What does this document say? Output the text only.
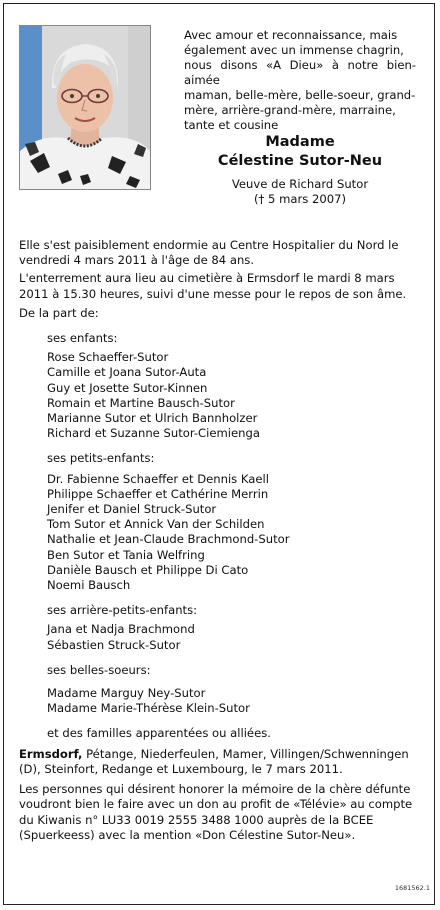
Avec amour et reconnaissance, mais
également avec un immense chagrin,
nous disons «A Dieu» à notre bien-aimée
maman, belle-mère, belle-soeur, grand-
mère, arrière-grand-mère, marraine,
tante et cousine
Madame
Célestine Sutor-Neu
Veuve de Richard Sutor
(† 5 mars 2007)
Elle s'est paisiblement endormie au Centre Hospitalier du Nord le
vendredi 4 mars 2011 à l'âge de 84 ans.
L'enterrement aura lieu au cimetière à Ermsdorf le mardi 8 mars
2011 à 15.30 heures, suivi d'une messe pour le repos de son âme.
De la part de:
ses enfants:
Rose Schaeffer-Sutor
Camille et Joana Sutor-Auta
Guy et Josette Sutor-Kinnen
Romain et Martine Bausch-Sutor
Marianne Sutor et Ulrich Bannholzer
Richard et Suzanne Sutor-Ciemienga
ses petits-enfants:
Dr. Fabienne Schaeffer et Dennis Kaell
Philippe Schaeffer et Cathérine Merrin
Jenifer et Daniel Struck-Sutor
Tom Sutor et Annick Van der Schilden
Nathalie et Jean-Claude Brachmond-Sutor
Ben Sutor et Tania Welfring
Danièle Bausch et Philippe Di Cato
Noemi Bausch
ses arrière-petits-enfants:
Jana et Nadja Brachmond
Sébastien Struck-Sutor
ses belles-soeurs:
Madame Marguy Ney-Sutor
Madame Marie-Thérèse Klein-Sutor
et des familles apparentées ou alliées.
Ermsdorf, Pétange, Niederfeulen, Mamer, Villingen/Schwenningen
(D), Steinfort, Redange et Luxembourg, le 7 mars 2011.
Les personnes qui désirent honorer la mémoire de la chère défunte
voudront bien le faire avec un don au profit de «Télévie» au compte
du Kiwanis n° LU33 0019 2555 3488 1000 auprès de la BCEE
(Spuerkeess) avec la mention «Don Célestine Sutor-Neu».
1681562.1
